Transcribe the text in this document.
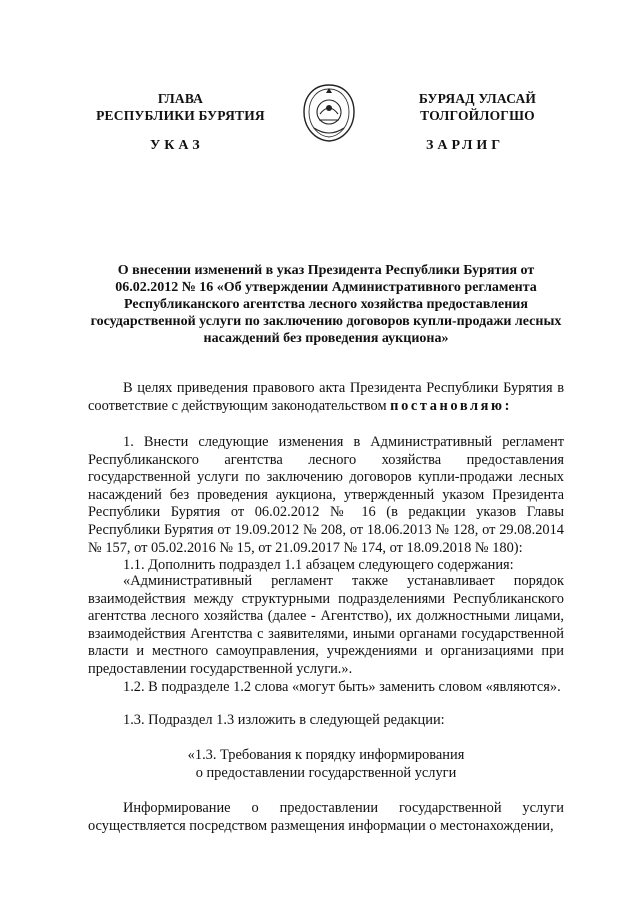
ГЛАВА
РЕСПУБЛИКИ БУРЯТИЯ
БУРЯАД УЛАСАЙ
ТОЛГОЙЛОГШО
УКАЗ	ЗАРЛИГ
О внесении изменений в указ Президента Республики Бурятия от 06.02.2012 № 16 «Об утверждении Административного регламента Республиканского агентства лесного хозяйства предоставления государственной услуги по заключению договоров купли-продажи лесных насаждений без проведения аукциона»

В целях приведения правового акта Президента Республики Бурятия в соответствие с действующим законодательством постановляю:

1. Внести следующие изменения в Административный регламент Республиканского агентства лесного хозяйства предоставления государственной услуги по заключению договоров купли-продажи лесных насаждений без проведения аукциона, утвержденный указом Президента Республики Бурятия от 06.02.2012 № 16 (в редакции указов Главы Республики Бурятия от 19.09.2012 № 208, от 18.06.2013 № 128, от 29.08.2014 № 157, от 05.02.2016 № 15, от 21.09.2017 № 174, от 18.09.2018 № 180):

1.1. Дополнить подраздел 1.1 абзацем следующего содержания:

«Административный регламент также устанавливает порядок взаимодействия между структурными подразделениями Республиканского агентства лесного хозяйства (далее - Агентство), их должностными лицами, взаимодействия Агентства с заявителями, иными органами государственной власти и местного самоуправления, учреждениями и организациями при предоставлении государственной услуги.».

1.2. В подразделе 1.2 слова «могут быть» заменить словом «являются».

1.3. Подраздел 1.3 изложить в следующей редакции:

«1.3. Требования к порядку информирования
о предоставлении государственной услуги

Информирование о предоставлении государственной услуги осуществляется посредством размещения информации о местонахождении,
